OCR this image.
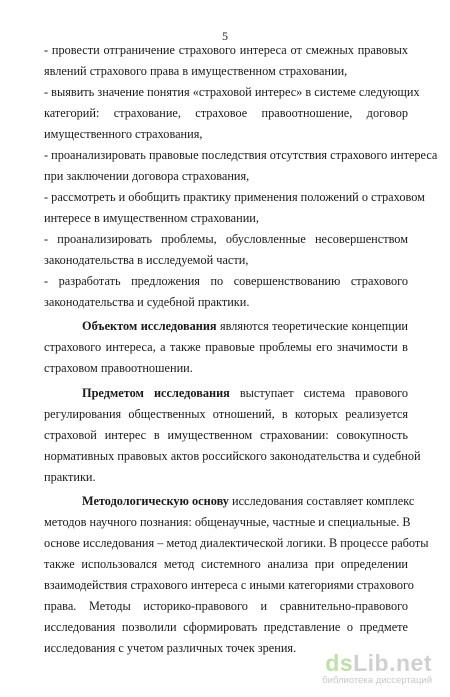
5
- провести отграничение страхового интереса от смежных правовых
явлений страхового права в имущественном страховании,
- выявить значение понятия «страховой интерес» в системе следующих
категорий: страхование, страховое правоотношение, договор
имущественного страхования,
- проанализировать правовые последствия отсутствия страхового интереса
при заключении договора страхования,
- рассмотреть и обобщить практику применения положений о страховом
интересе в имущественном страховании,
- проанализировать проблемы, обусловленные несовершенством
законодательства в исследуемой части,
- разработать предложения по совершенствованию страхового
законодательства и судебной практики.
Объектом исследования являются теоретические концепции
страхового интереса, а также правовые проблемы его значимости в
страховом правоотношении.
Предметом исследования выступает система правового
регулирования общественных отношений, в которых реализуется
страховой интерес в имущественном страховании: совокупность
нормативных правовых актов российского законодательства и судебной
практики.
Методологическую основу исследования составляет комплекс
методов научного познания: общенаучные, частные и специальные. В
основе исследования – метод диалектической логики. В процессе работы
также использовался метод системного анализа при определении
взаимодействия страхового интереса с иными категориями страхового
права. Методы историко-правового и сравнительно-правового
исследования позволили сформировать представление о предмете
исследования с учетом различных точек зрения.
dsLib.net
библиотека диссертаций
